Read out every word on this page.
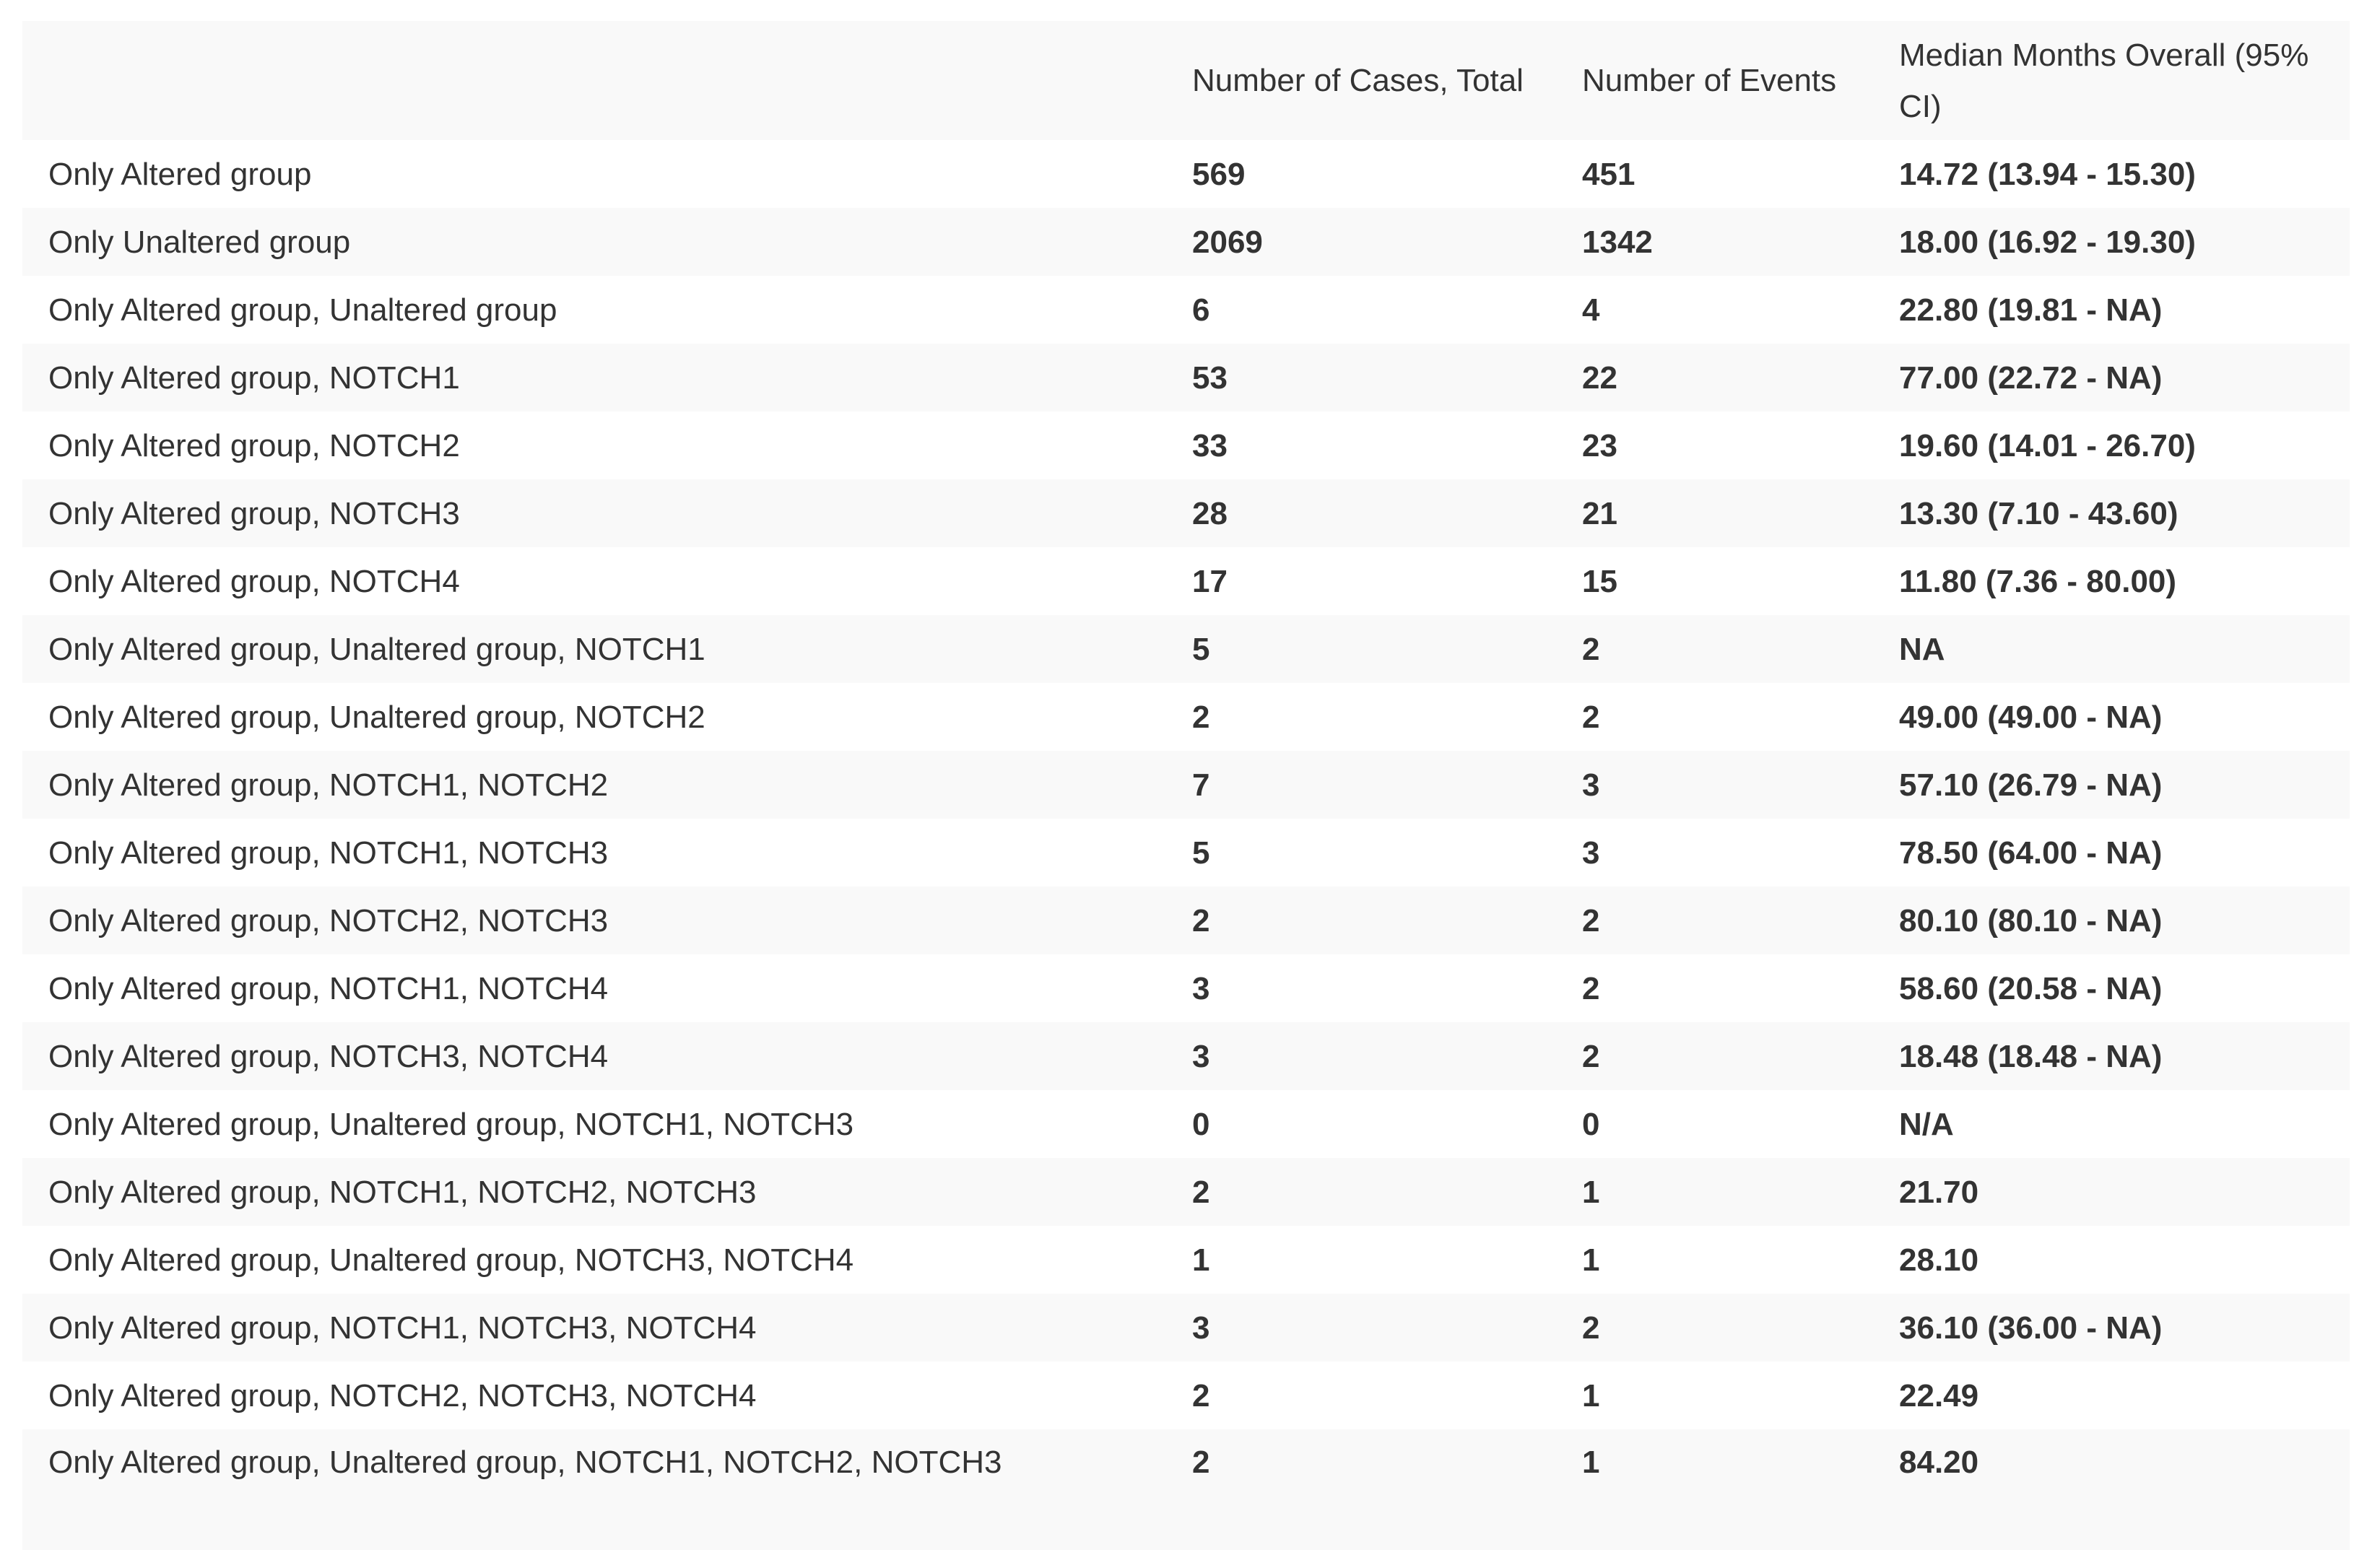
	Number of Cases, Total	Number of Events	Median Months Overall (95% CI)
Only Altered group	569	451	14.72 (13.94 - 15.30)
Only Unaltered group	2069	1342	18.00 (16.92 - 19.30)
Only Altered group, Unaltered group	6	4	22.80 (19.81 - NA)
Only Altered group, NOTCH1	53	22	77.00 (22.72 - NA)
Only Altered group, NOTCH2	33	23	19.60 (14.01 - 26.70)
Only Altered group, NOTCH3	28	21	13.30 (7.10 - 43.60)
Only Altered group, NOTCH4	17	15	11.80 (7.36 - 80.00)
Only Altered group, Unaltered group, NOTCH1	5	2	NA
Only Altered group, Unaltered group, NOTCH2	2	2	49.00 (49.00 - NA)
Only Altered group, NOTCH1, NOTCH2	7	3	57.10 (26.79 - NA)
Only Altered group, NOTCH1, NOTCH3	5	3	78.50 (64.00 - NA)
Only Altered group, NOTCH2, NOTCH3	2	2	80.10 (80.10 - NA)
Only Altered group, NOTCH1, NOTCH4	3	2	58.60 (20.58 - NA)
Only Altered group, NOTCH3, NOTCH4	3	2	18.48 (18.48 - NA)
Only Altered group, Unaltered group, NOTCH1, NOTCH3	0	0	N/A
Only Altered group, NOTCH1, NOTCH2, NOTCH3	2	1	21.70
Only Altered group, Unaltered group, NOTCH3, NOTCH4	1	1	28.10
Only Altered group, NOTCH1, NOTCH3, NOTCH4	3	2	36.10 (36.00 - NA)
Only Altered group, NOTCH2, NOTCH3, NOTCH4	2	1	22.49
Only Altered group, Unaltered group, NOTCH1, NOTCH2, NOTCH3	2	1	84.20
